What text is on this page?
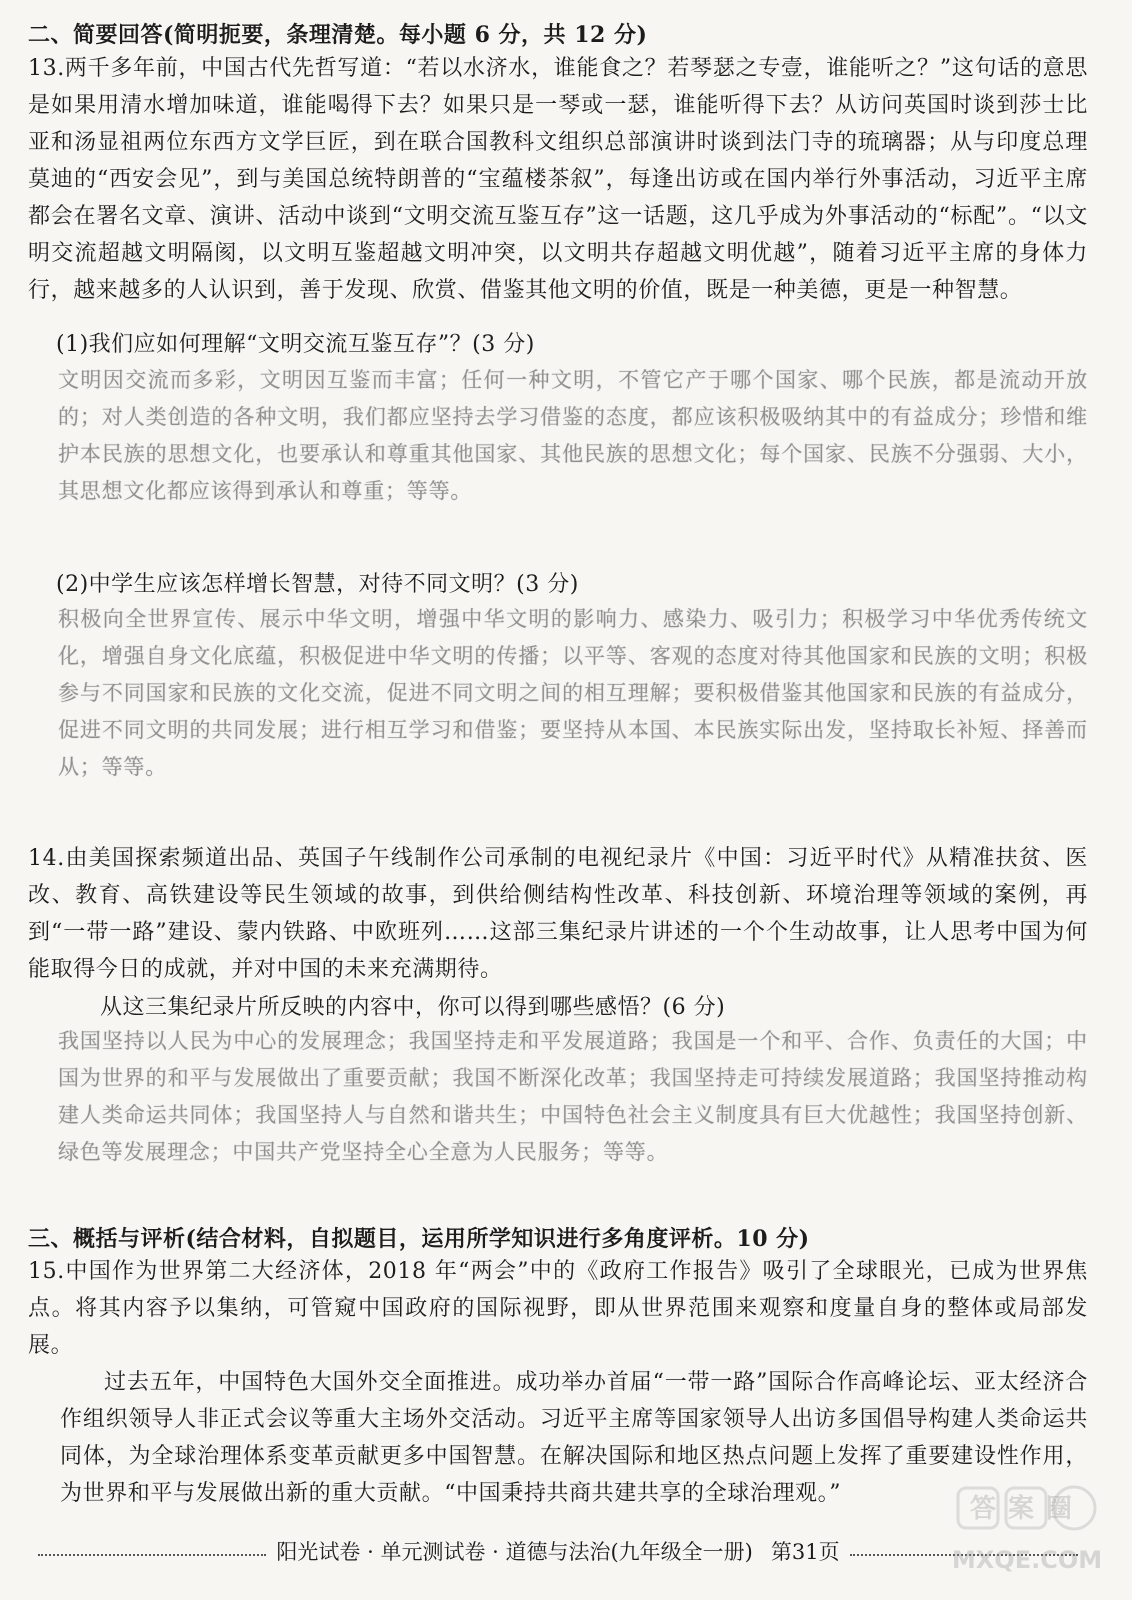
二、简要回答(简明扼要，条理清楚。每小题 6 分，共 12 分)
13.两千多年前，中国古代先哲写道：“若以水济水，谁能食之？若琴瑟之专壹，谁能听之？”这句话的意思是如果用清水增加味道，谁能喝得下去？如果只是一琴或一瑟，谁能听得下去？从访问英国时谈到莎士比亚和汤显祖两位东西方文学巨匠，到在联合国教科文组织总部演讲时谈到法门寺的琉璃器；从与印度总理莫迪的“西安会见”，到与美国总统特朗普的“宝蕴楼茶叙”，每逢出访或在国内举行外事活动，习近平主席都会在署名文章、演讲、活动中谈到“文明交流互鉴互存”这一话题，这几乎成为外事活动的“标配”。“以文明交流超越文明隔阂，以文明互鉴超越文明冲突，以文明共存超越文明优越”，随着习近平主席的身体力行，越来越多的人认识到，善于发现、欣赏、借鉴其他文明的价值，既是一种美德，更是一种智慧。
(1)我们应如何理解“文明交流互鉴互存”？(3 分)
文明因交流而多彩，文明因互鉴而丰富；任何一种文明，不管它产于哪个国家、哪个民族，都是流动开放的；对人类创造的各种文明，我们都应坚持去学习借鉴的态度，都应该积极吸纳其中的有益成分；珍惜和维护本民族的思想文化，也要承认和尊重其他国家、其他民族的思想文化；每个国家、民族不分强弱、大小，其思想文化都应该得到承认和尊重；等等。
(2)中学生应该怎样增长智慧，对待不同文明？(3 分)
积极向全世界宣传、展示中华文明，增强中华文明的影响力、感染力、吸引力；积极学习中华优秀传统文化，增强自身文化底蕴，积极促进中华文明的传播；以平等、客观的态度对待其他国家和民族的文明；积极参与不同国家和民族的文化交流，促进不同文明之间的相互理解；要积极借鉴其他国家和民族的有益成分，促进不同文明的共同发展；进行相互学习和借鉴；要坚持从本国、本民族实际出发，坚持取长补短、择善而从；等等。
14.由美国探索频道出品、英国子午线制作公司承制的电视纪录片《中国：习近平时代》从精准扶贫、医改、教育、高铁建设等民生领域的故事，到供给侧结构性改革、科技创新、环境治理等领域的案例，再到“一带一路”建设、蒙内铁路、中欧班列……这部三集纪录片讲述的一个个生动故事，让人思考中国为何能取得今日的成就，并对中国的未来充满期待。
从这三集纪录片所反映的内容中，你可以得到哪些感悟？(6 分)
我国坚持以人民为中心的发展理念；我国坚持走和平发展道路；我国是一个和平、合作、负责任的大国；中国为世界的和平与发展做出了重要贡献；我国不断深化改革；我国坚持走可持续发展道路；我国坚持推动构建人类命运共同体；我国坚持人与自然和谐共生；中国特色社会主义制度具有巨大优越性；我国坚持创新、绿色等发展理念；中国共产党坚持全心全意为人民服务；等等。
三、概括与评析(结合材料，自拟题目，运用所学知识进行多角度评析。10 分)
15.中国作为世界第二大经济体，2018 年“两会”中的《政府工作报告》吸引了全球眼光，已成为世界焦点。将其内容予以集纳，可管窥中国政府的国际视野，即从世界范围来观察和度量自身的整体或局部发展。
过去五年，中国特色大国外交全面推进。成功举办首届“一带一路”国际合作高峰论坛、亚太经济合作组织领导人非正式会议等重大主场外交活动。习近平主席等国家领导人出访多国倡导构建人类命运共同体，为全球治理体系变革贡献更多中国智慧。在解决国际和地区热点问题上发挥了重要建设性作用，为世界和平与发展做出新的重大贡献。“中国秉持共商共建共享的全球治理观。”
阳光试卷 · 单元测试卷 · 道德与法治(九年级全一册) 第31页
答案圈
MXQE.COM
